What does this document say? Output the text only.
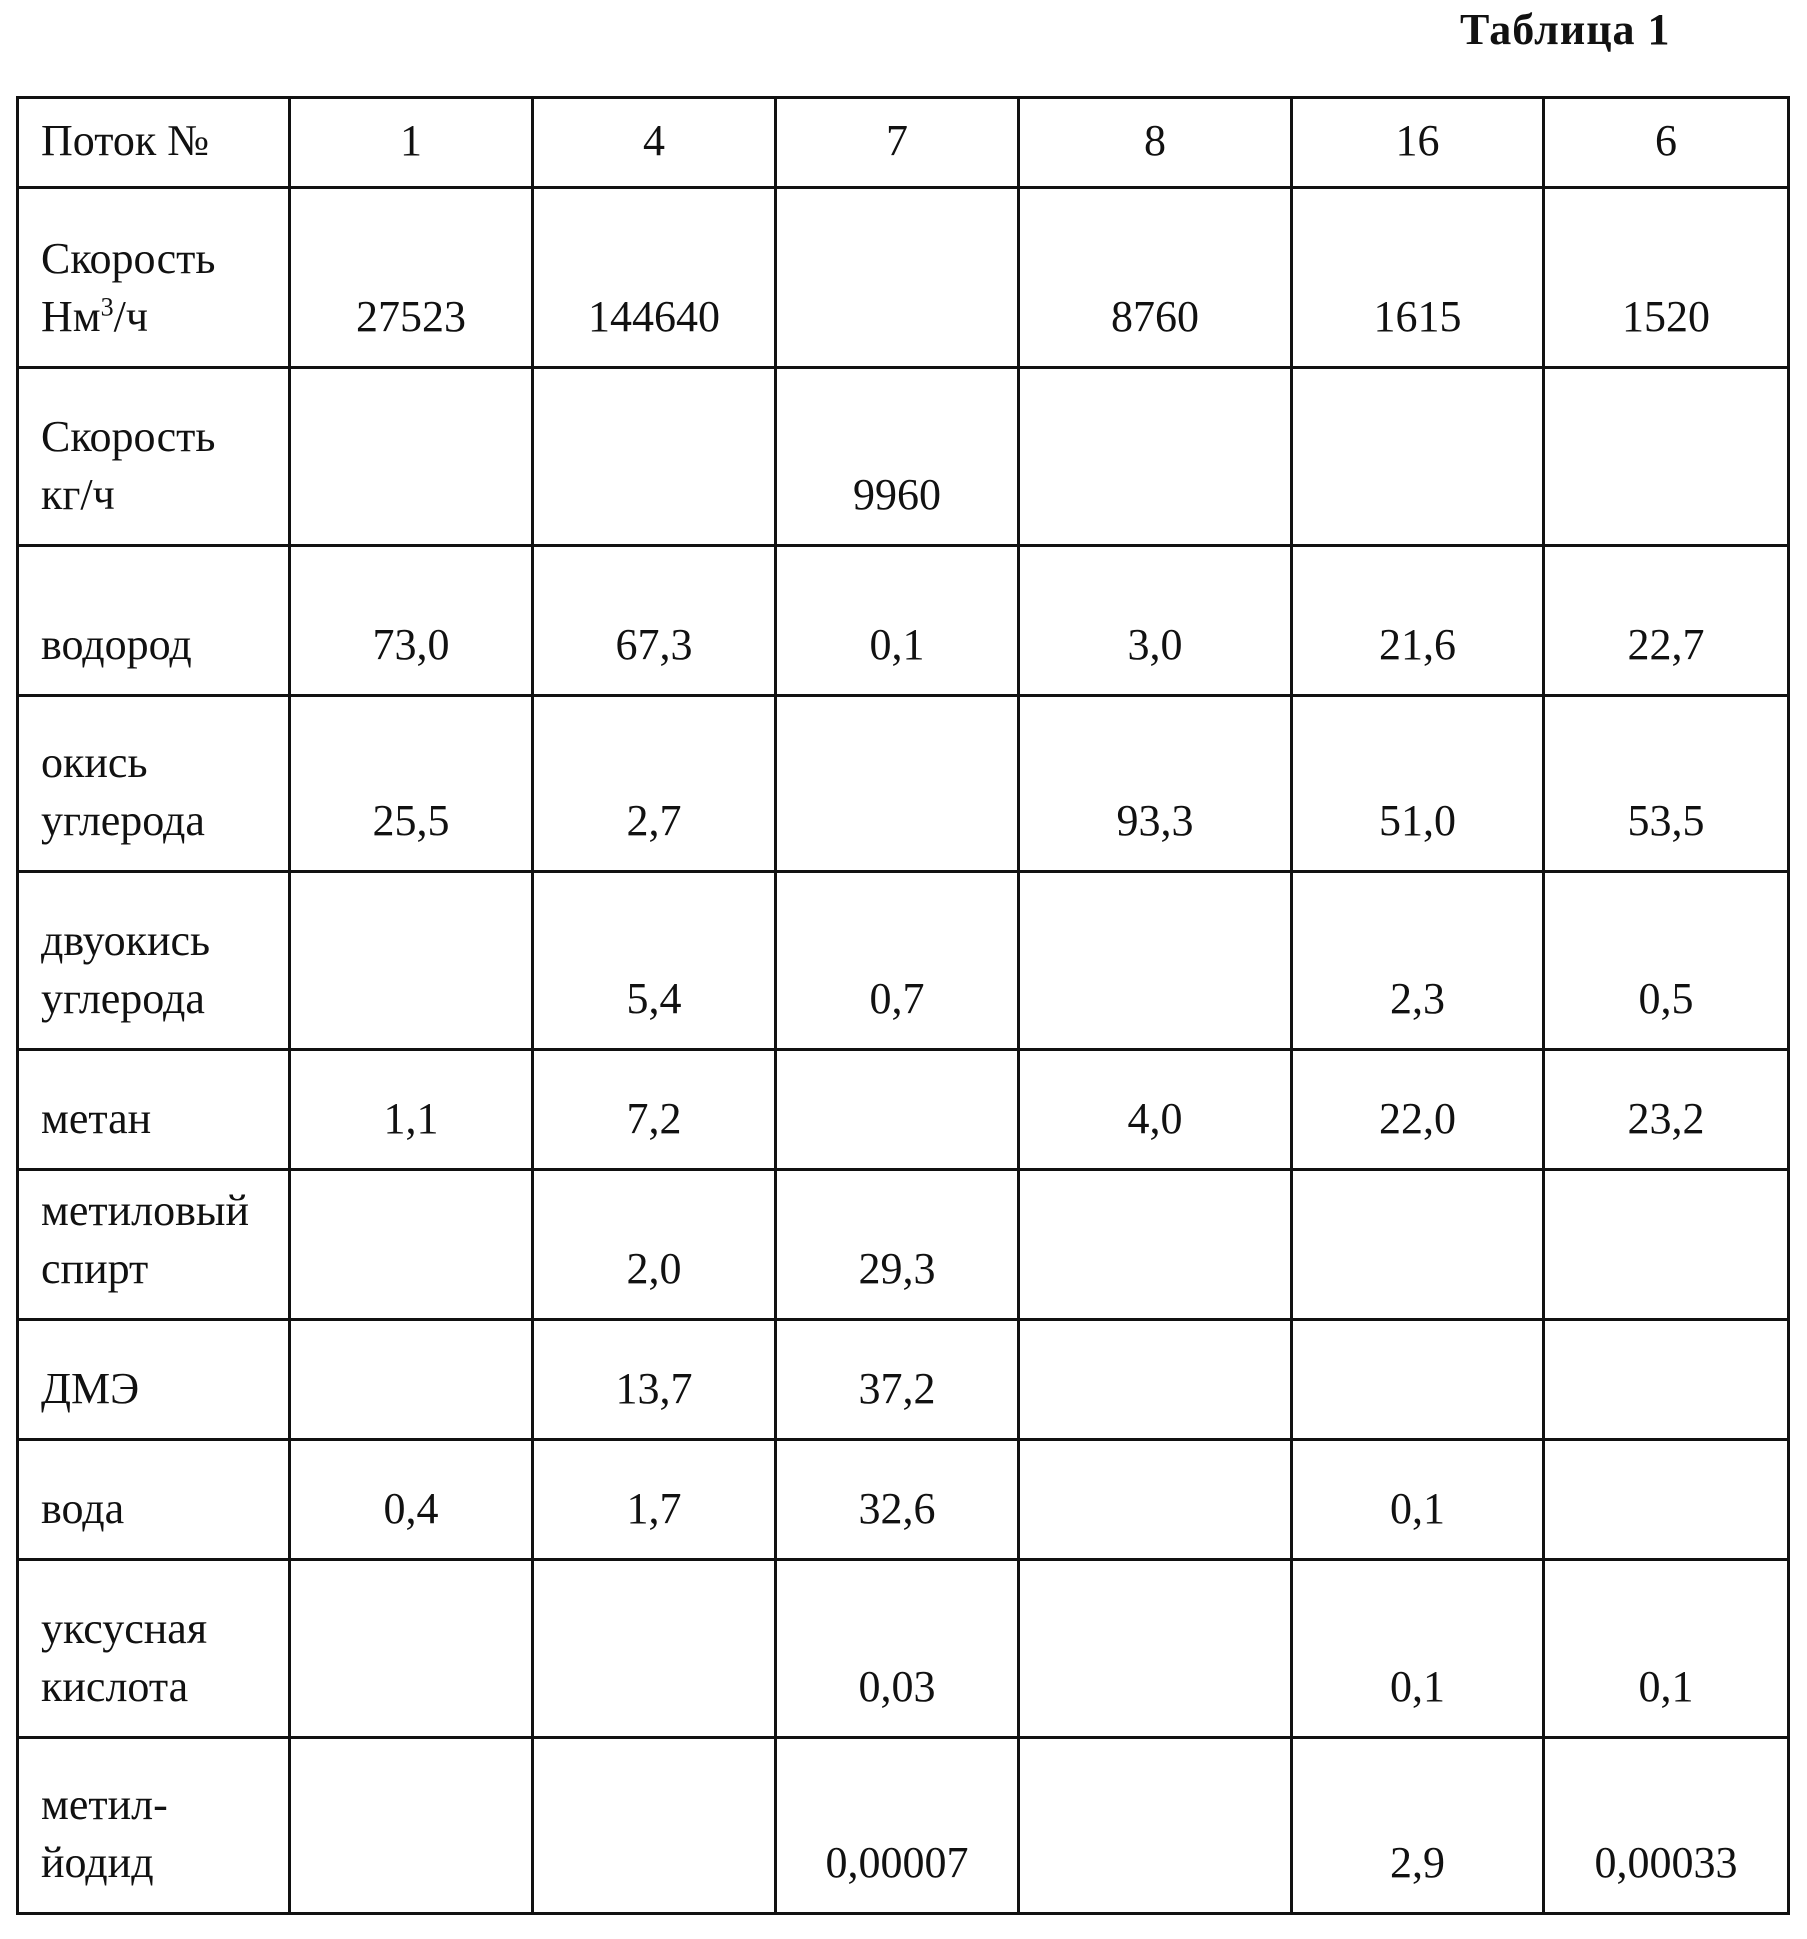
Таблица 1
Поток №	1	4	7	8	16	6

Скорость
$Нм^3/ч$	27523	144640		8760	1615	1520

Скорость
кг/ч			9960			

водород	73,0	67,3	0,1	3,0	21,6	22,7

окись
углерода	25,5	2,7		93,3	51,0	53,5

двуокись
углерода		5,4	0,7		2,3	0,5

метан	1,1	7,2		4,0	22,0	23,2

метиловый
спирт		2,0	29,3			

ДМЭ		13,7	37,2			

вода	0,4	1,7	32,6		0,1	

уксусная
кислота			0,03		0,1	0,1

метил-
йодид			0,00007		2,9	0,00033
